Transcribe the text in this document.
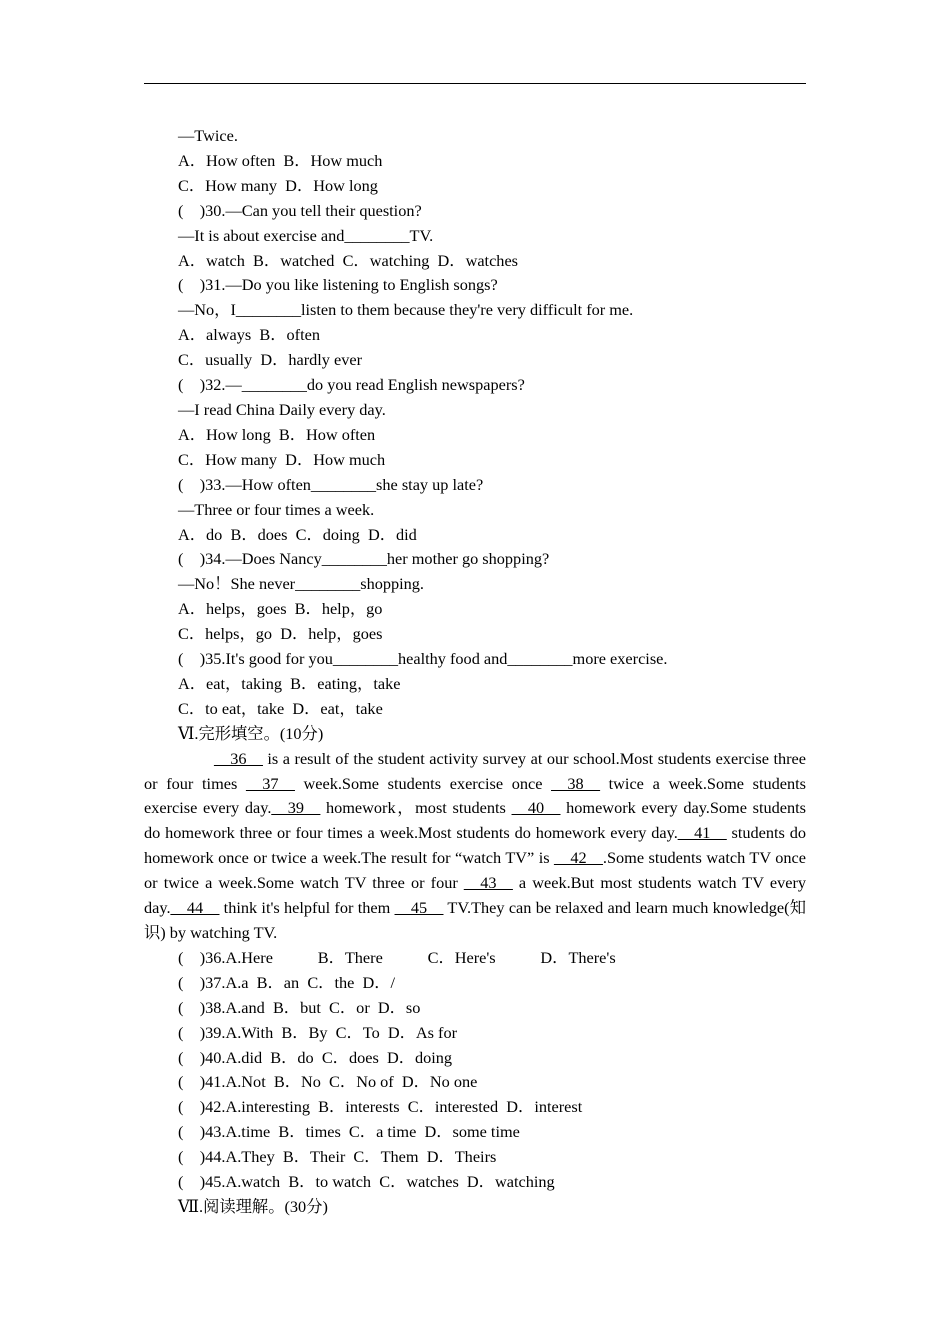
—Twice.
A．How often  B．How much
C．How many  D．How long
(    )30.—Can you tell their question?
—It is about exercise and________TV.
A．watch  B．watched  C．watching  D．watches
(    )31.—Do you like listening to English songs?
—No，I________listen to them because they're very difficult for me.
A．always  B．often
C．usually  D．hardly ever
(    )32.—________do you read English newspapers?
—I read China Daily every day.
A．How long  B．How often
C．How many  D．How much
(    )33.—How often________she stay up late?
—Three or four times a week.
A．do  B．does  C．doing  D．did
(    )34.—Does Nancy________her mother go shopping?
—No！She never________shopping.
A．helps，goes  B．help，go
C．helps，go  D．help，goes
(    )35.It's good for you________healthy food and________more exercise.
A．eat，taking  B．eating，take
C．to eat，take  D．eat，take
Ⅵ.完形填空。(10分)
__36__ is a result of the student activity survey at our school.Most students exercise three or four times __37__ week.Some students exercise once __38__ twice a week.Some students exercise every day.__39__ homework，most students __40__ homework every day.Some students do homework three or four times a week.Most students do homework every day.__41__ students do homework once or twice a week.The result for “watch TV” is __42__.Some students watch TV once or twice a week.Some watch TV three or four __43__ a week.But most students watch TV every day.__44__ think it's helpful for them __45__ TV.They can be relaxed and learn much knowledge(知识) by watching TV.
(    )36.A.Here           B．There           C．Here's           D．There's
(    )37.A.a  B．an  C．the  D．/
(    )38.A.and  B．but  C．or  D．so
(    )39.A.With  B．By  C．To  D．As for
(    )40.A.did  B．do  C．does  D．doing
(    )41.A.Not  B．No  C．No of  D．No one
(    )42.A.interesting  B．interests  C．interested  D．interest
(    )43.A.time  B．times  C．a time  D．some time
(    )44.A.They  B．Their  C．Them  D．Theirs
(    )45.A.watch  B．to watch  C．watches  D．watching
Ⅶ.阅读理解。(30分)
